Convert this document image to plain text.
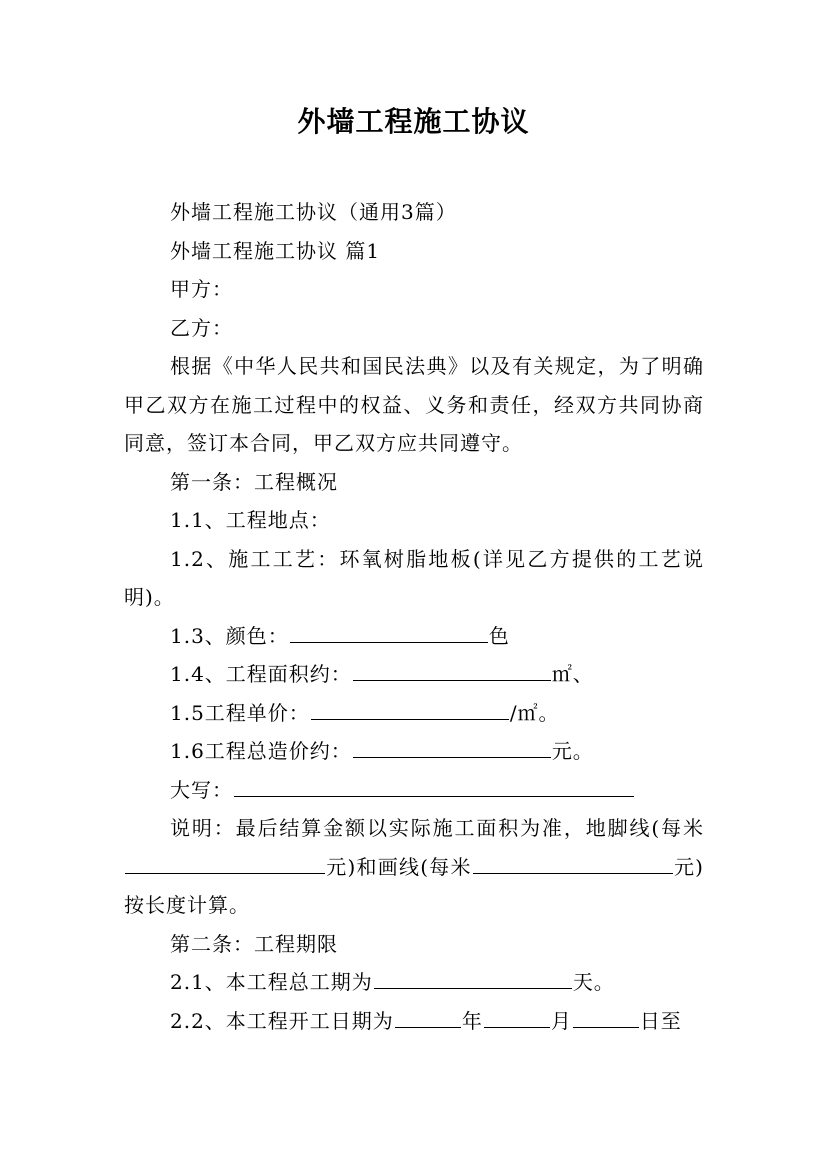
外墙工程施工协议

外墙工程施工协议（通用3篇）

外墙工程施工协议 篇1

甲方：

乙方：

根据《中华人民共和国民法典》以及有关规定，为了明确甲乙双方在施工过程中的权益、义务和责任，经双方共同协商同意，签订本合同，甲乙双方应共同遵守。

第一条：工程概况

1.1、工程地点：

1.2、施工工艺：环氧树脂地板(详见乙方提供的工艺说明)。

1.3、颜色：	色

1.4、工程面积约：	㎡、

1.5工程单价：	/㎡。

1.6工程总造价约：	元。

大写：

说明：最后结算金额以实际施工面积为准，地脚线(每米元)和画线(每米	元)按长度计算。

第二条：工程期限

2.1、本工程总工期为	天。

2.2、本工程开工日期为	年	月	日至
